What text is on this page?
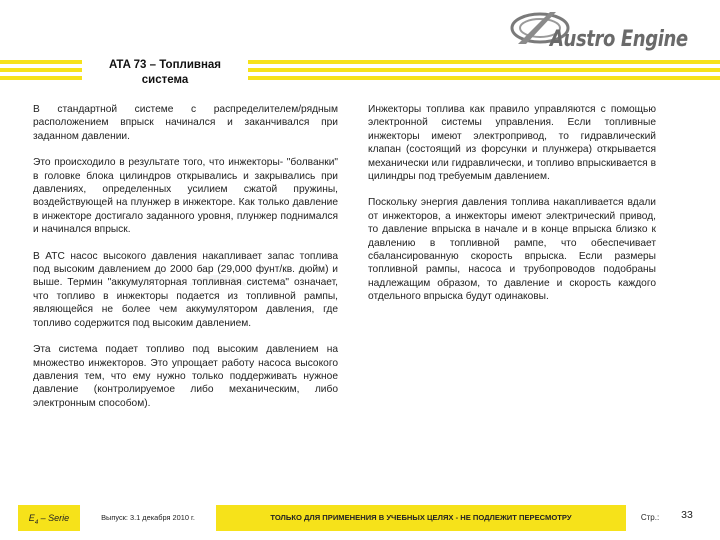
Austro Engine
ATA 73 – Топливная
система
⌒

В стандартной системе с распределителем/рядным расположением впрыск начинался и заканчивался при заданном давлении.

Это происходило в результате того, что инжекторы- "болванки" в головке блока цилиндров открывались и закрывались при давлениях, определенных усилием сжатой пружины, воздействующей на плунжер в инжекторе. Как только давление в инжекторе достигало заданного уровня, плунжер поднимался и начинался впрыск.

В АТС насос высокого давления накапливает запас топлива под высоким давлением до 2000 бар (29,000 фунт/кв. дюйм) и выше. Термин "аккумуляторная топливная система" означает, что топливо в инжекторы подается из топливной рампы, являющейся не более чем аккумулятором давления, где топливо содержится под высоким давлением.

Эта система подает топливо под высоким давлением на множество инжекторов. Это упрощает работу насоса высокого давления тем, что ему нужно только поддерживать нужное давление (контролируемое либо механическим, либо электронным способом).

Инжекторы топлива как правило управляются с помощью электронной системы управления. Если топливные инжекторы имеют электропривод, то гидравлический клапан (состоящий из форсунки и плунжера) открывается механически или гидравлически, и топливо впрыскивается в цилиндры под требуемым давлением.

Поскольку энергия давления топлива накапливается вдали от инжекторов, а инжекторы имеют электрический привод, то давление впрыска в начале и в конце впрыска близко к давлению в топливной рампе, что обеспечивает сбалансированную скорость впрыска. Если размеры топливной рампы, насоса и трубопроводов подобраны надлежащим образом, то давление и скорость каждого отдельного впрыска будут одинаковы.

$E_4$ – Serie	Выпуск: 3.1 декабря 2010 г.	ТОЛЬКО ДЛЯ ПРИМЕНЕНИЯ В УЧЕБНЫХ ЦЕЛЯХ - НЕ ПОДЛЕЖИТ ПЕРЕСМОТРУ	Стр.:	33
